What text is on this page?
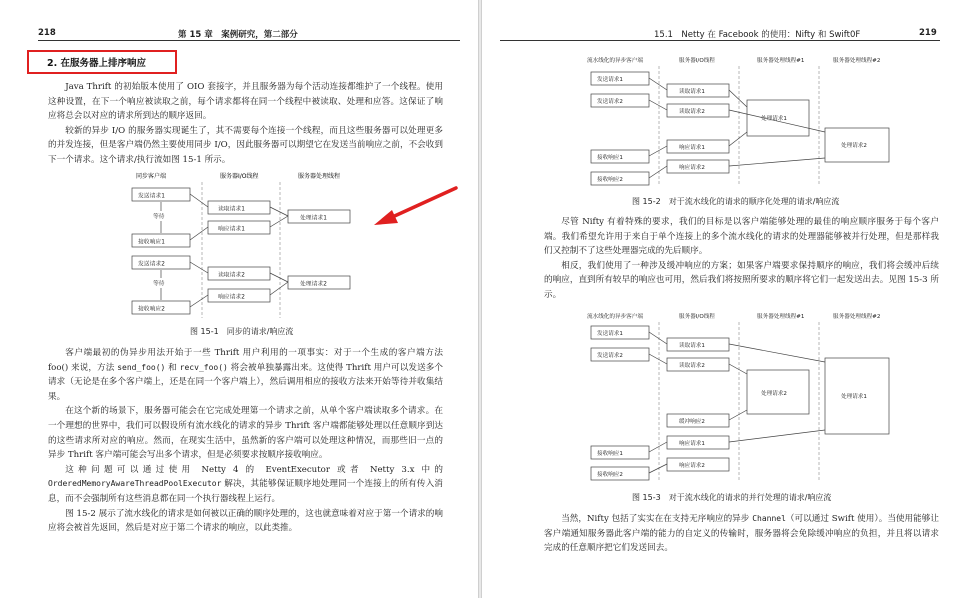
218	第 15 章　案例研究，第二部分
2. 在服务器上排序响应

Java Thrift 的初始版本使用了 OIO 套接字，并且服务器为每个活动连接都维护了一个线程。使用这种设置，在下一个响应被读取之前，每个请求都将在同一个线程中被读取、处理和应答。这保证了响应将总会以对应的请求所到达的顺序返回。

较新的异步 I/O 的服务器实现诞生了，其不需要每个连接一个线程，而且这些服务器可以处理更多的并发连接，但是客户端仍然主要使用同步 I/O，因此服务器可以期望它在发送当前响应之前，不会收到下一个请求。这个请求/执行流如图 15-1 所示。

同步客户端	服务器I/O线程	服务器处理线程
发送请求1
读取请求1
处理请求1
响应请求1
接收响应1
发送请求2
读取请求2
处理请求2
响应请求2
接收响应2
等待
等待
图 15-1　同步的请求/响应流

客户端最初的伪异步用法开始于一些 Thrift 用户利用的一项事实：对于一个生成的客户端方法 foo() 来说，方法 send_foo() 和 recv_foo() 将会被单独暴露出来。这使得 Thrift 用户可以发送多个请求（无论是在多个客户端上，还是在同一个客户端上），然后调用相应的接收方法来开始等待并收集结果。

在这个新的场景下，服务器可能会在它完成处理第一个请求之前，从单个客户端读取多个请求。在一个理想的世界中，我们可以假设所有流水线化的请求的异步 Thrift 客户端都能够处理以任意顺序到达的这些请求所对应的响应。然而，在现实生活中，虽然新的客户端可以处理这种情况，而那些旧一点的异步 Thrift 客户端可能会写出多个请求，但是必须要求按顺序接收响应。

这种问题可以通过使用 Netty 4 的 EventExecutor 或者 Netty 3.x 中的 OrderedMemoryAwareThreadPoolExecutor 解决，其能够保证顺序地处理同一个连接上的所有传入消息，而不会强制所有这些消息都在同一个执行器线程上运行。

图 15-2 展示了流水线化的请求是如何被以正确的顺序处理的，这也就意味着对应于第一个请求的响应将会被首先返回，然后是对应于第二个请求的响应，以此类推。

15.1　Netty 在 Facebook 的使用：Nifty 和 Swift0F	219
流水线化的异步客户端	服务器I/O线程	服务器处理线程#1	服务器处理线程#2
发送请求1
发送请求2
读取请求1
读取请求2
处理请求1
处理请求2
响应请求1
响应请求2
接收响应1
接收响应2
图 15-2　对于流水线化的请求的顺序化处理的请求/响应流

尽管 Nifty 有着特殊的要求，我们的目标是以客户端能够处理的最佳的响应顺序服务于每个客户端。我们希望允许用于来自于单个连接上的多个流水线化的请求的处理器能够被并行处理，但是那样我们又控制不了这些处理器完成的先后顺序。

相反，我们使用了一种涉及缓冲响应的方案；如果客户端要求保持顺序的响应，我们将会缓冲后续的响应，直到所有较早的响应也可用，然后我们将按照所要求的顺序将它们一起发送出去。见图 15-3 所示。

流水线化的异步客户端	服务器I/O线程	服务器处理线程#1	服务器处理线程#2
发送请求1
发送请求2
读取请求1
读取请求2
处理请求2	处理请求1
缓冲响应2
响应请求1
响应请求2
接收响应1
接收响应2
图 15-3　对于流水线化的请求的并行处理的请求/响应流

当然，Nifty 包括了实实在在支持无序响应的异步 Channel（可以通过 Swift 使用）。当使用能够让客户端通知服务器此客户端的能力的自定义的传输时，服务器将会免除缓冲响应的负担，并且将以请求完成的任意顺序把它们发送回去。
